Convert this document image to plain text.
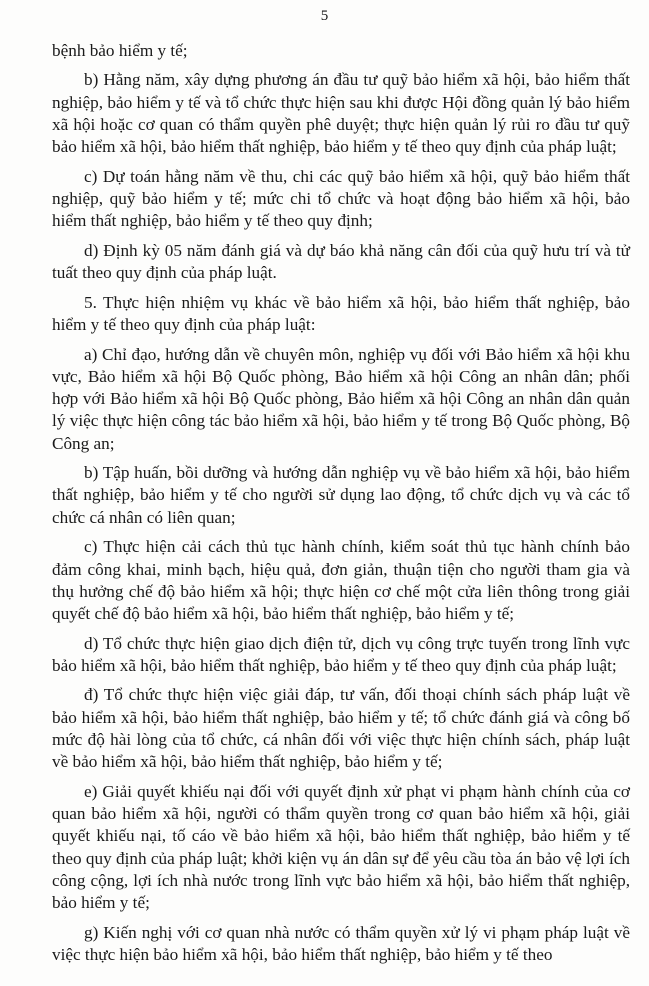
5

bệnh bảo hiểm y tế;

b) Hằng năm, xây dựng phương án đầu tư quỹ bảo hiểm xã hội, bảo hiểm thất nghiệp, bảo hiểm y tế và tổ chức thực hiện sau khi được Hội đồng quản lý bảo hiểm xã hội hoặc cơ quan có thẩm quyền phê duyệt; thực hiện quản lý rủi ro đầu tư quỹ bảo hiểm xã hội, bảo hiểm thất nghiệp, bảo hiểm y tế theo quy định của pháp luật;

c) Dự toán hằng năm về thu, chi các quỹ bảo hiểm xã hội, quỹ bảo hiểm thất nghiệp, quỹ bảo hiểm y tế; mức chi tổ chức và hoạt động bảo hiểm xã hội, bảo hiểm thất nghiệp, bảo hiểm y tế theo quy định;

d) Định kỳ 05 năm đánh giá và dự báo khả năng cân đối của quỹ hưu trí và tử tuất theo quy định của pháp luật.

5. Thực hiện nhiệm vụ khác về bảo hiểm xã hội, bảo hiểm thất nghiệp, bảo hiểm y tế theo quy định của pháp luật:

a) Chỉ đạo, hướng dẫn về chuyên môn, nghiệp vụ đối với Bảo hiểm xã hội khu vực, Bảo hiểm xã hội Bộ Quốc phòng, Bảo hiểm xã hội Công an nhân dân; phối hợp với Bảo hiểm xã hội Bộ Quốc phòng, Bảo hiểm xã hội Công an nhân dân quản lý việc thực hiện công tác bảo hiểm xã hội, bảo hiểm y tế trong Bộ Quốc phòng, Bộ Công an;

b) Tập huấn, bồi dưỡng và hướng dẫn nghiệp vụ về bảo hiểm xã hội, bảo hiểm thất nghiệp, bảo hiểm y tế cho người sử dụng lao động, tổ chức dịch vụ và các tổ chức cá nhân có liên quan;

c) Thực hiện cải cách thủ tục hành chính, kiểm soát thủ tục hành chính bảo đảm công khai, minh bạch, hiệu quả, đơn giản, thuận tiện cho người tham gia và thụ hưởng chế độ bảo hiểm xã hội; thực hiện cơ chế một cửa liên thông trong giải quyết chế độ bảo hiểm xã hội, bảo hiểm thất nghiệp, bảo hiểm y tế;

d) Tổ chức thực hiện giao dịch điện tử, dịch vụ công trực tuyến trong lĩnh vực bảo hiểm xã hội, bảo hiểm thất nghiệp, bảo hiểm y tế theo quy định của pháp luật;

đ) Tổ chức thực hiện việc giải đáp, tư vấn, đối thoại chính sách pháp luật về bảo hiểm xã hội, bảo hiểm thất nghiệp, bảo hiểm y tế; tổ chức đánh giá và công bố mức độ hài lòng của tổ chức, cá nhân đối với việc thực hiện chính sách, pháp luật về bảo hiểm xã hội, bảo hiểm thất nghiệp, bảo hiểm y tế;

e) Giải quyết khiếu nại đối với quyết định xử phạt vi phạm hành chính của cơ quan bảo hiểm xã hội, người có thẩm quyền trong cơ quan bảo hiểm xã hội, giải quyết khiếu nại, tố cáo về bảo hiểm xã hội, bảo hiểm thất nghiệp, bảo hiểm y tế theo quy định của pháp luật; khởi kiện vụ án dân sự để yêu cầu tòa án bảo vệ lợi ích công cộng, lợi ích nhà nước trong lĩnh vực bảo hiểm xã hội, bảo hiểm thất nghiệp, bảo hiểm y tế;

g) Kiến nghị với cơ quan nhà nước có thẩm quyền xử lý vi phạm pháp luật về việc thực hiện bảo hiểm xã hội, bảo hiểm thất nghiệp, bảo hiểm y tế theo
